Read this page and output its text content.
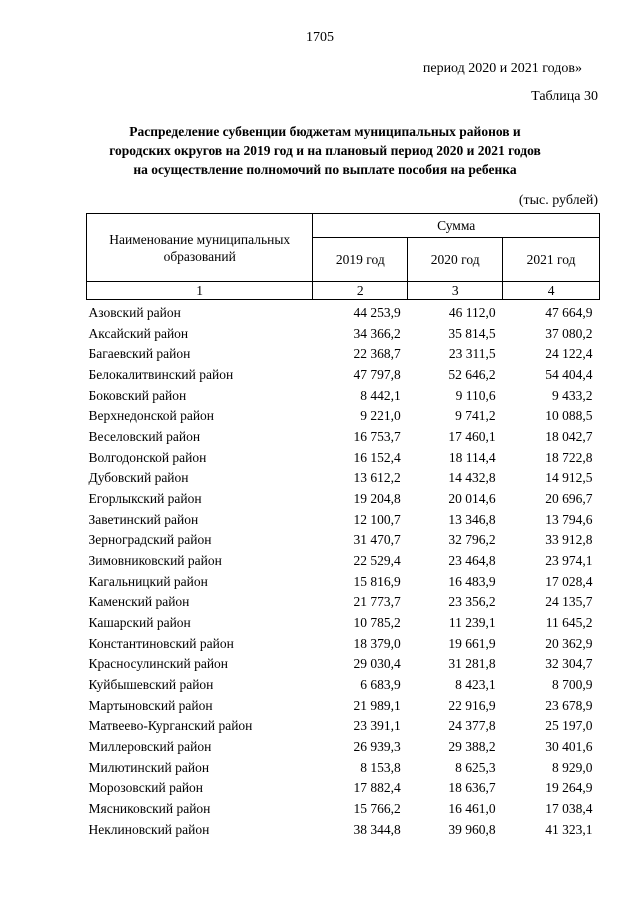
1705
период 2020 и 2021 годов»
Таблица 30
Распределение субвенции бюджетам муниципальных районов и
городских округов на 2019 год и на плановый период 2020 и 2021 годов
на осуществление полномочий по выплате пособия на ребенка
(тыс. рублей)
Наименование муниципальных образований	Сумма		
	2019 год	2020 год	2021 год
1	2	3	4
Азовский район	44 253,9	46 112,0	47 664,9
Аксайский район	34 366,2	35 814,5	37 080,2
Багаевский район	22 368,7	23 311,5	24 122,4
Белокалитвинский район	47 797,8	52 646,2	54 404,4
Боковский район	8 442,1	9 110,6	9 433,2
Верхнедонской район	9 221,0	9 741,2	10 088,5
Веселовский район	16 753,7	17 460,1	18 042,7
Волгодонской район	16 152,4	18 114,4	18 722,8
Дубовский район	13 612,2	14 432,8	14 912,5
Егорлыкский район	19 204,8	20 014,6	20 696,7
Заветинский район	12 100,7	13 346,8	13 794,6
Зерноградский район	31 470,7	32 796,2	33 912,8
Зимовниковский район	22 529,4	23 464,8	23 974,1
Кагальницкий район	15 816,9	16 483,9	17 028,4
Каменский район	21 773,7	23 356,2	24 135,7
Кашарский район	10 785,2	11 239,1	11 645,2
Константиновский район	18 379,0	19 661,9	20 362,9
Красносулинский район	29 030,4	31 281,8	32 304,7
Куйбышевский район	6 683,9	8 423,1	8 700,9
Мартыновский район	21 989,1	22 916,9	23 678,9
Матвеево-Курганский район	23 391,1	24 377,8	25 197,0
Миллеровский район	26 939,3	29 388,2	30 401,6
Милютинский район	8 153,8	8 625,3	8 929,0
Морозовский район	17 882,4	18 636,7	19 264,9
Мясниковский район	15 766,2	16 461,0	17 038,4
Неклиновский район	38 344,8	39 960,8	41 323,1
